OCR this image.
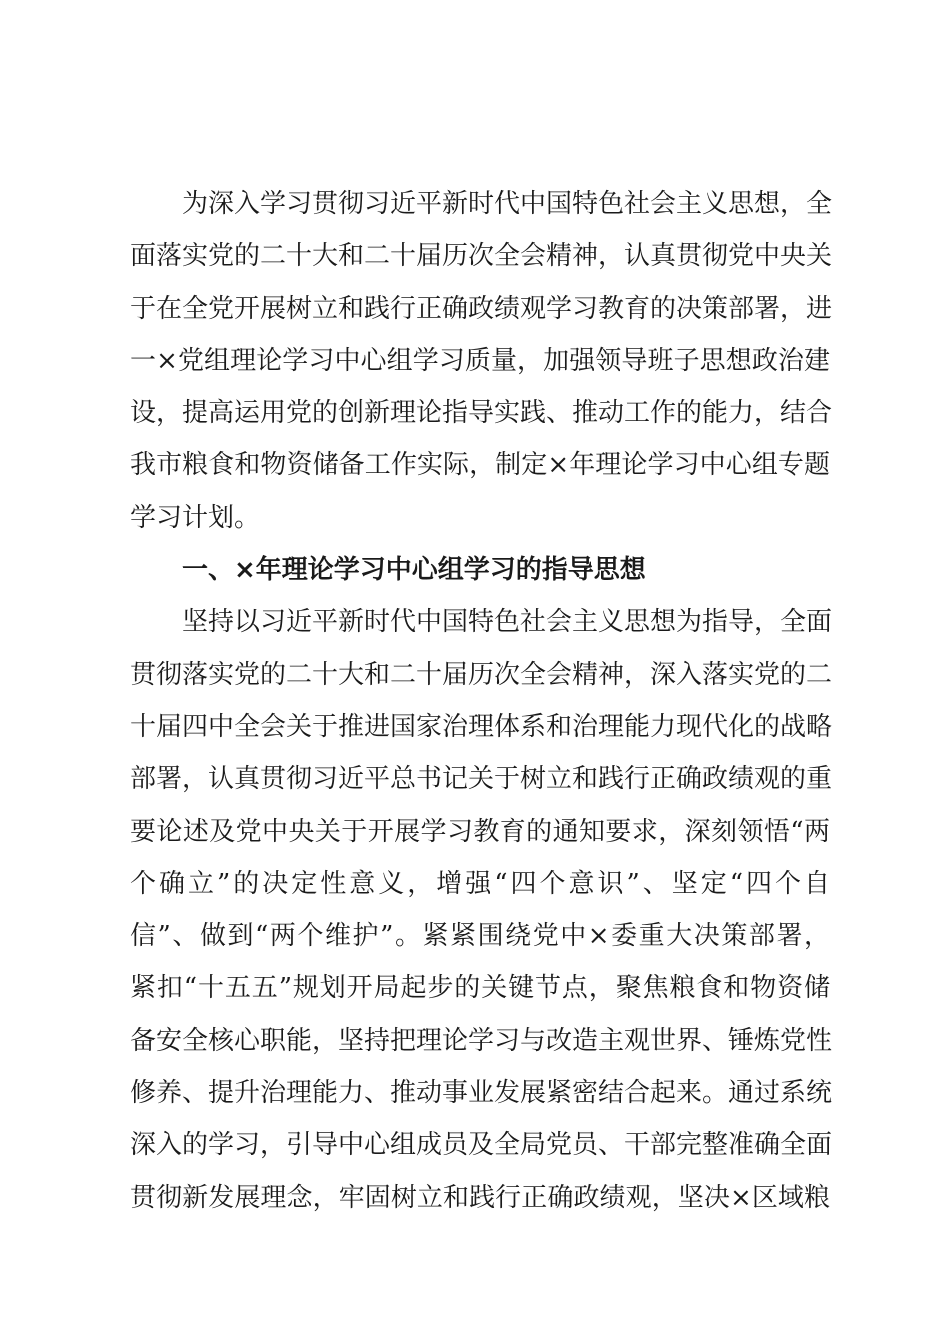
　　为深入学习贯彻习近平新时代中国特色社会主义思想，全
面落实党的二十大和二十届历次全会精神，认真贯彻党中央关
于在全党开展树立和践行正确政绩观学习教育的决策部署，进
一×党组理论学习中心组学习质量，加强领导班子思想政治建
设，提高运用党的创新理论指导实践、推动工作的能力，结合
我市粮食和物资储备工作实际，制定×年理论学习中心组专题
学习计划。
　　一、×年理论学习中心组学习的指导思想
　　坚持以习近平新时代中国特色社会主义思想为指导，全面
贯彻落实党的二十大和二十届历次全会精神，深入落实党的二
十届四中全会关于推进国家治理体系和治理能力现代化的战略
部署，认真贯彻习近平总书记关于树立和践行正确政绩观的重
要论述及党中央关于开展学习教育的通知要求，深刻领悟“两
个确立”的决定性意义，增强“四个意识”、坚定“四个自
信”、做到“两个维护”。紧紧围绕党中×委重大决策部署，
紧扣“十五五”规划开局起步的关键节点，聚焦粮食和物资储
备安全核心职能，坚持把理论学习与改造主观世界、锤炼党性
修养、提升治理能力、推动事业发展紧密结合起来。通过系统
深入的学习，引导中心组成员及全局党员、干部完整准确全面
贯彻新发展理念，牢固树立和践行正确政绩观，坚决×区域粮
